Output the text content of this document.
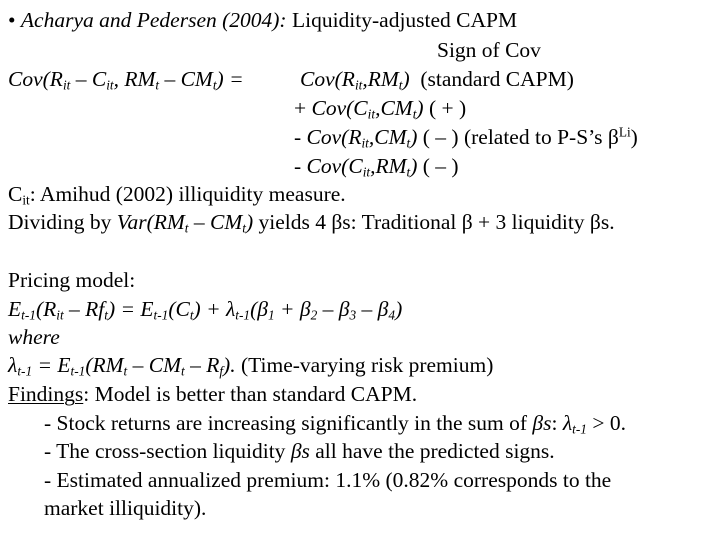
• Acharya and Pedersen (2004): Liquidity-adjusted CAPM
Sign of Cov
$Cov(R_{it} - C_{it}$, $RM_t - CM_t$) =	$Cov(R_{it},RM_t)$  (standard CAPM)
+ $Cov(C_{it},CM_t)$ ( + )
- $Cov(R_{it},CM_t)$ ( – ) (related to P-S’s $\beta^{Li}$)
- $Cov(C_{it},RM_t)$ ( – )
$C_{it}$: Amihud (2002) illiquidity measure.
Dividing by $Var(RM_t - CM_t)$ yields 4 βs: Traditional β + 3 liquidity βs.
Pricing model:
$E_{t-1}(R_{it} - Rf_t) = E_{t-1}(C_t) + \lambda_{t-1}(\beta_1 + \beta_2 - \beta_3 - \beta_4)$
where
$\lambda_{t-1} = E_{t-1}(RM_t - CM_t - R_f)$. (Time-varying risk premium)
Findings: Model is better than standard CAPM.
- Stock returns are increasing significantly in the sum of βs: $\lambda_{t-1} > 0$.
- The cross-section liquidity βs all have the predicted signs.
- Estimated annualized premium: 1.1% (0.82% corresponds to the
market illiquidity).
